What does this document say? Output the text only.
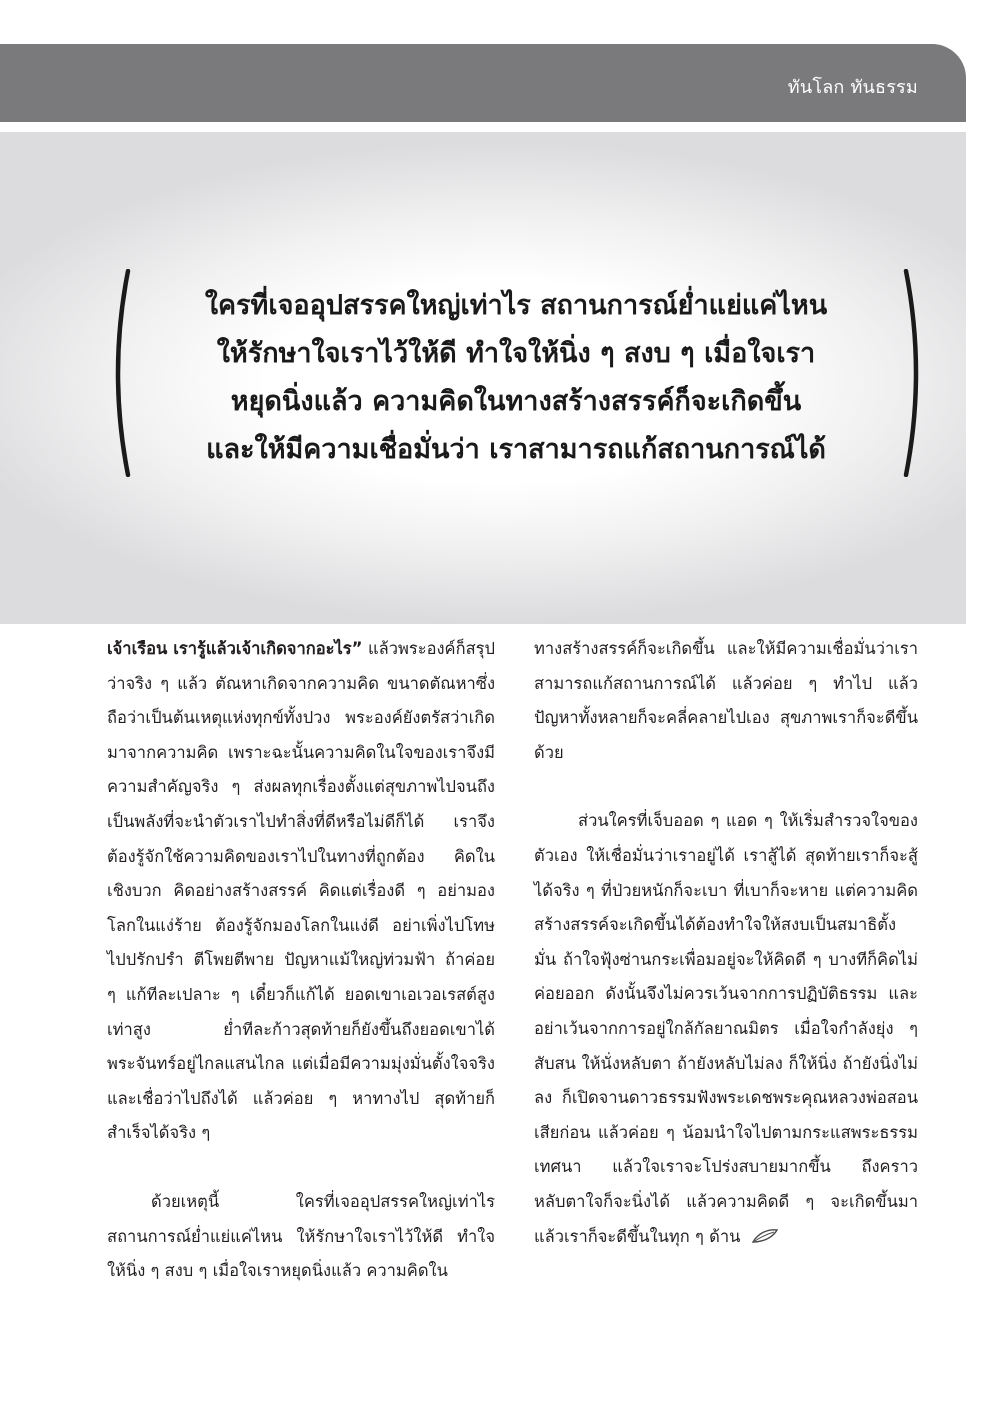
ทันโลก ทันธรรม
ใครที่เจออุปสรรคใหญ่เท่าไร สถานการณ์ย่ำแย่แค่ไหน
ให้รักษาใจเราไว้ให้ดี ทำใจให้นิ่ง ๆ สงบ ๆ เมื่อใจเรา
หยุดนิ่งแล้ว ความคิดในทางสร้างสรรค์ก็จะเกิดขึ้น
และให้มีความเชื่อมั่นว่า เราสามารถแก้สถานการณ์ได้

เจ้าเรือน เรารู้แล้วเจ้าเกิดจากอะไร” แล้วพระองค์ก็สรุปว่าจริง ๆ แล้ว ตัณหาเกิดจากความคิด ขนาดตัณหาซึ่งถือว่าเป็นต้นเหตุแห่งทุกข์ทั้งปวง พระองค์ยังตรัสว่าเกิดมาจากความคิด เพราะฉะนั้นความคิดในใจของเราจึงมีความสำคัญจริง ๆ ส่งผลทุกเรื่องตั้งแต่สุขภาพไปจนถึงเป็นพลังที่จะนำตัวเราไปทำสิ่งที่ดีหรือไม่ดีก็ได้ เราจึงต้องรู้จักใช้ความคิดของเราไปในทางที่ถูกต้อง คิดในเชิงบวก คิดอย่างสร้างสรรค์ คิดแต่เรื่องดี ๆ อย่ามองโลกในแง่ร้าย ต้องรู้จักมองโลกในแง่ดี อย่าเพิ่งไปโทษ ไปปรักปรำ ตีโพยตีพาย ปัญหาแม้ใหญ่ท่วมฟ้า ถ้าค่อย ๆ แก้ทีละเปลาะ ๆ เดี๋ยวก็แก้ได้ ยอดเขาเอเวอเรสต์สูงเท่าสูง ย่ำทีละก้าวสุดท้ายก็ยังขึ้นถึงยอดเขาได้ พระจันทร์อยู่ไกลแสนไกล แต่เมื่อมีความมุ่งมั่นตั้งใจจริงและเชื่อว่าไปถึงได้ แล้วค่อย ๆ หาทางไป สุดท้ายก็สำเร็จได้จริง ๆ

ด้วยเหตุนี้ ใครที่เจออุปสรรคใหญ่เท่าไร สถานการณ์ย่ำแย่แค่ไหน ให้รักษาใจเราไว้ให้ดี ทำใจให้นิ่ง ๆ สงบ ๆ เมื่อใจเราหยุดนิ่งแล้ว ความคิดใน

ทางสร้างสรรค์ก็จะเกิดขึ้น และให้มีความเชื่อมั่นว่าเราสามารถแก้สถานการณ์ได้ แล้วค่อย ๆ ทำไป แล้วปัญหาทั้งหลายก็จะคลี่คลายไปเอง สุขภาพเราก็จะดีขึ้นด้วย

ส่วนใครที่เจ็บออด ๆ แอด ๆ ให้เริ่มสำรวจใจของตัวเอง ให้เชื่อมั่นว่าเราอยู่ได้ เราสู้ได้ สุดท้ายเราก็จะสู้ได้จริง ๆ ที่ป่วยหนักก็จะเบา ที่เบาก็จะหาย แต่ความคิดสร้างสรรค์จะเกิดขึ้นได้ต้องทำใจให้สงบเป็นสมาธิตั้งมั่น ถ้าใจฟุ้งซ่านกระเพื่อมอยู่จะให้คิดดี ๆ บางทีก็คิดไม่ค่อยออก ดังนั้นจึงไม่ควรเว้นจากการปฏิบัติธรรม และอย่าเว้นจากการอยู่ใกล้กัลยาณมิตร เมื่อใจกำลังยุ่ง ๆ สับสน ให้นั่งหลับตา ถ้ายังหลับไม่ลง ก็ให้นิ่ง ถ้ายังนิ่งไม่ลง ก็เปิดจานดาวธรรมฟังพระเดชพระคุณหลวงพ่อสอนเสียก่อน แล้วค่อย ๆ น้อมนำใจไปตามกระแสพระธรรมเทศนา แล้วใจเราจะโปร่งสบายมากขึ้น ถึงคราวหลับตาใจก็จะนิ่งได้ แล้วความคิดดี ๆ จะเกิดขึ้นมา แล้วเราก็จะดีขึ้นในทุก ๆ ด้าน
